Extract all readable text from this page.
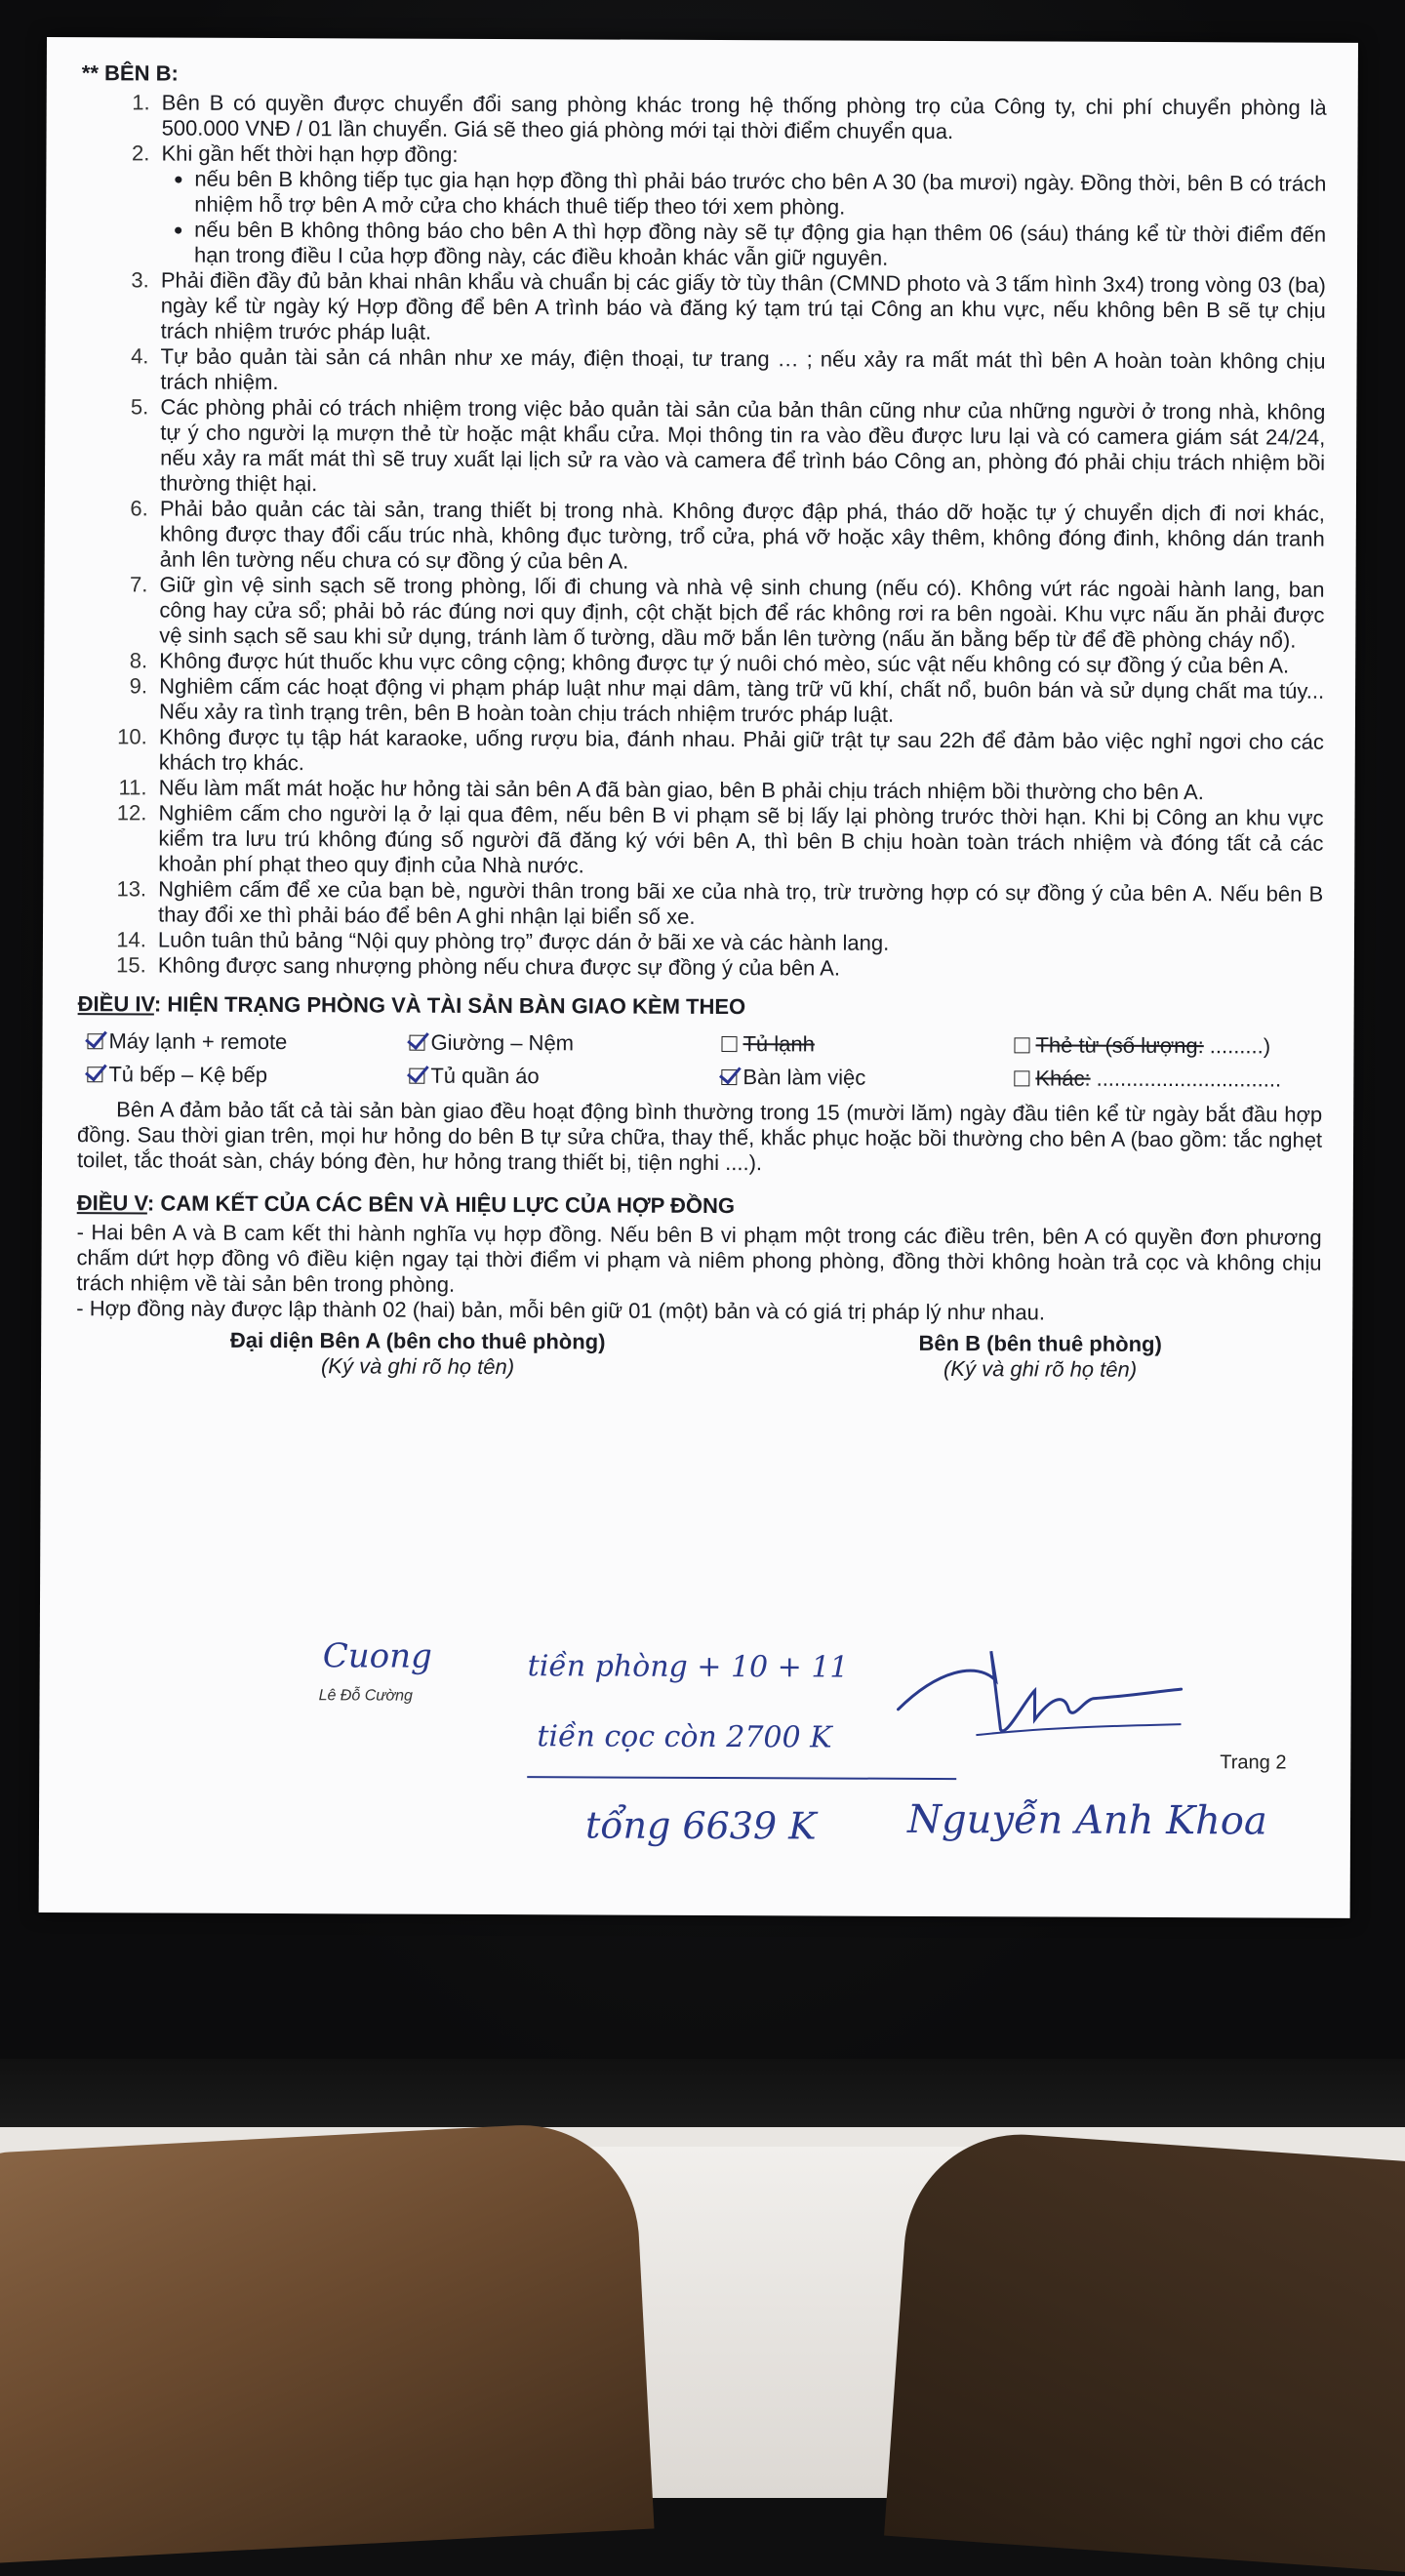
** BÊN B:
1. Bên B có quyền được chuyển đổi sang phòng khác trong hệ thống phòng trọ của Công ty, chi phí chuyển phòng là 500.000 VNĐ / 01 lần chuyển. Giá sẽ theo giá phòng mới tại thời điểm chuyển qua.
2. Khi gần hết thời hạn hợp đồng:
• nếu bên B không tiếp tục gia hạn hợp đồng thì phải báo trước cho bên A 30 (ba mươi) ngày. Đồng thời, bên B có trách nhiệm hỗ trợ bên A mở cửa cho khách thuê tiếp theo tới xem phòng.
• nếu bên B không thông báo cho bên A thì hợp đồng này sẽ tự động gia hạn thêm 06 (sáu) tháng kể từ thời điểm đến hạn trong điều I của hợp đồng này, các điều khoản khác vẫn giữ nguyên.
3. Phải điền đầy đủ bản khai nhân khẩu và chuẩn bị các giấy tờ tùy thân (CMND photo và 3 tấm hình 3x4) trong vòng 03 (ba) ngày kể từ ngày ký Hợp đồng để bên A trình báo và đăng ký tạm trú tại Công an khu vực, nếu không bên B sẽ tự chịu trách nhiệm trước pháp luật.
4. Tự bảo quản tài sản cá nhân như xe máy, điện thoại, tư trang … ; nếu xảy ra mất mát thì bên A hoàn toàn không chịu trách nhiệm.
5. Các phòng phải có trách nhiệm trong việc bảo quản tài sản của bản thân cũng như của những người ở trong nhà, không tự ý cho người lạ mượn thẻ từ hoặc mật khẩu cửa. Mọi thông tin ra vào đều được lưu lại và có camera giám sát 24/24, nếu xảy ra mất mát thì sẽ truy xuất lại lịch sử ra vào và camera để trình báo Công an, phòng đó phải chịu trách nhiệm bồi thường thiệt hại.
6. Phải bảo quản các tài sản, trang thiết bị trong nhà. Không được đập phá, tháo dỡ hoặc tự ý chuyển dịch đi nơi khác, không được thay đổi cấu trúc nhà, không đục tường, trổ cửa, phá vỡ hoặc xây thêm, không đóng đinh, không dán tranh ảnh lên tường nếu chưa có sự đồng ý của bên A.
7. Giữ gìn vệ sinh sạch sẽ trong phòng, lối đi chung và nhà vệ sinh chung (nếu có). Không vứt rác ngoài hành lang, ban công hay cửa sổ; phải bỏ rác đúng nơi quy định, cột chặt bịch để rác không rơi ra bên ngoài. Khu vực nấu ăn phải được vệ sinh sạch sẽ sau khi sử dụng, tránh làm ố tường, dầu mỡ bắn lên tường (nấu ăn bằng bếp từ để đề phòng cháy nổ).
8. Không được hút thuốc khu vực công cộng; không được tự ý nuôi chó mèo, súc vật nếu không có sự đồng ý của bên A.
9. Nghiêm cấm các hoạt động vi phạm pháp luật như mại dâm, tàng trữ vũ khí, chất nổ, buôn bán và sử dụng chất ma túy... Nếu xảy ra tình trạng trên, bên B hoàn toàn chịu trách nhiệm trước pháp luật.
10. Không được tụ tập hát karaoke, uống rượu bia, đánh nhau. Phải giữ trật tự sau 22h để đảm bảo việc nghỉ ngơi cho các khách trọ khác.
11. Nếu làm mất mát hoặc hư hỏng tài sản bên A đã bàn giao, bên B phải chịu trách nhiệm bồi thường cho bên A.
12. Nghiêm cấm cho người lạ ở lại qua đêm, nếu bên B vi phạm sẽ bị lấy lại phòng trước thời hạn. Khi bị Công an khu vực kiểm tra lưu trú không đúng số người đã đăng ký với bên A, thì bên B chịu hoàn toàn trách nhiệm và đóng tất cả các khoản phí phạt theo quy định của Nhà nước.
13. Nghiêm cấm để xe của bạn bè, người thân trong bãi xe của nhà trọ, trừ trường hợp có sự đồng ý của bên A. Nếu bên B thay đổi xe thì phải báo để bên A ghi nhận lại biển số xe.
14. Luôn tuân thủ bảng “Nội quy phòng trọ” được dán ở bãi xe và các hành lang.
15. Không được sang nhượng phòng nếu chưa được sự đồng ý của bên A.
ĐIỀU IV: HIỆN TRẠNG PHÒNG VÀ TÀI SẢN BÀN GIAO KÈM THEO
Máy lạnh + remote	Giường – Nệm	Tủ lạnh	Thẻ từ (số lượng: .........)
Tủ bếp – Kệ bếp	Tủ quần áo	Bàn làm việc	Khác: ...............................

Bên A đảm bảo tất cả tài sản bàn giao đều hoạt động bình thường trong 15 (mười lăm) ngày đầu tiên kể từ ngày bắt đầu hợp đồng. Sau thời gian trên, mọi hư hỏng do bên B tự sửa chữa, thay thế, khắc phục hoặc bồi thường cho bên A (bao gồm: tắc nghẹt toilet, tắc thoát sàn, cháy bóng đèn, hư hỏng trang thiết bị, tiện nghi ....).

ĐIỀU V: CAM KẾT CỦA CÁC BÊN VÀ HIỆU LỰC CỦA HỢP ĐỒNG

- Hai bên A và B cam kết thi hành nghĩa vụ hợp đồng. Nếu bên B vi phạm một trong các điều trên, bên A có quyền đơn phương chấm dứt hợp đồng vô điều kiện ngay tại thời điểm vi phạm và niêm phong phòng, đồng thời không hoàn trả cọc và không chịu trách nhiệm về tài sản bên trong phòng.

- Hợp đồng này được lập thành 02 (hai) bản, mỗi bên giữ 01 (một) bản và có giá trị pháp lý như nhau.

Đại diện Bên A (bên cho thuê phòng)
(Ký và ghi rõ họ tên)
Bên B (bên thuê phòng)
(Ký và ghi rõ họ tên)
Cuong
Lê Đỗ Cường
tiền phòng + 10 + 11
tiền cọc còn 2700 K
tổng 6639 K Nguyễn Anh Khoa
Trang 2
